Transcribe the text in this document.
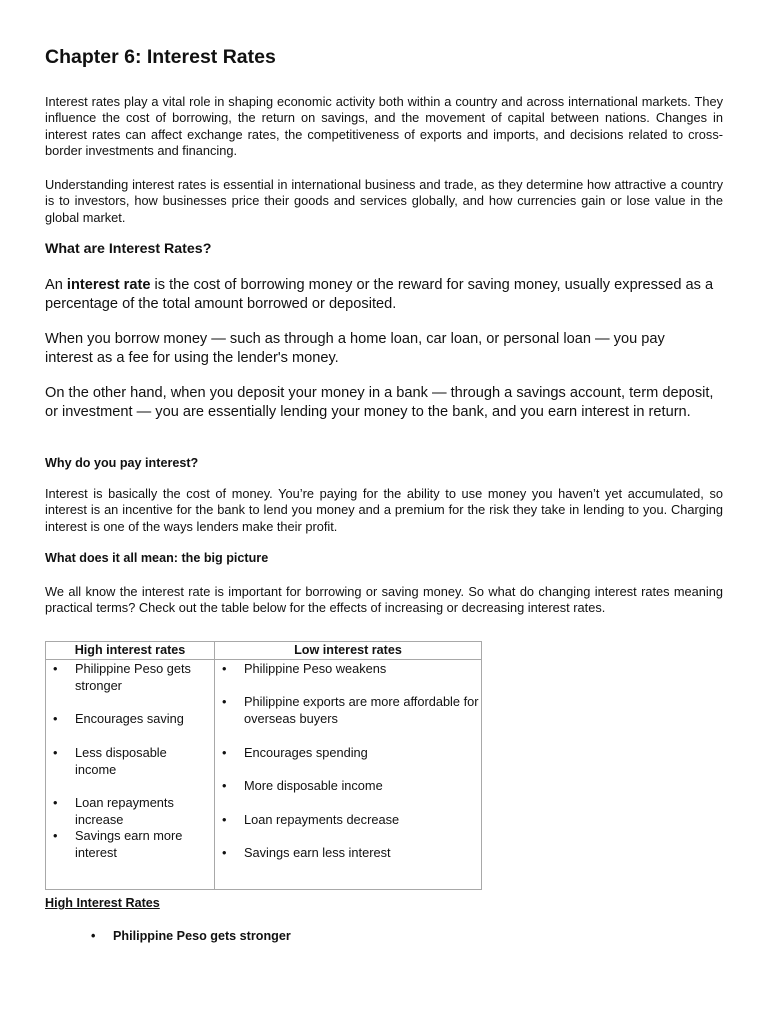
Chapter 6: Interest Rates

Interest rates play a vital role in shaping economic activity both within a country and across international markets. They influence the cost of borrowing, the return on savings, and the movement of capital between nations. Changes in interest rates can affect exchange rates, the competitiveness of exports and imports, and decisions related to cross-border investments and financing.

Understanding interest rates is essential in international business and trade, as they determine how attractive a country is to investors, how businesses price their goods and services globally, and how currencies gain or lose value in the global market.

What are Interest Rates?

An interest rate is the cost of borrowing money or the reward for saving money, usually expressed as a percentage of the total amount borrowed or deposited.

When you borrow money — such as through a home loan, car loan, or personal loan — you pay interest as a fee for using the lender's money.

On the other hand, when you deposit your money in a bank — through a savings account, term deposit, or investment — you are essentially lending your money to the bank, and you earn interest in return.

Why do you pay interest?

Interest is basically the cost of money. You’re paying for the ability to use money you haven’t yet accumulated, so interest is an incentive for the bank to lend you money and a premium for the risk they take in lending to you. Charging interest is one of the ways lenders make their profit.

What does it all mean: the big picture

We all know the interest rate is important for borrowing or saving money. So what do changing interest rates meaning practical terms? Check out the table below for the effects of increasing or decreasing interest rates.

High interest rates	Low interest rates
• Philippine Peso gets stronger
• Encourages saving
• Less disposable income
• Loan repayments increase
• Savings earn more interest
• Philippine Peso weakens
• Philippine exports are more affordable for overseas buyers
• Encourages spending
• More disposable income
• Loan repayments decrease
• Savings earn less interest
High Interest Rates
• Philippine Peso gets stronger
